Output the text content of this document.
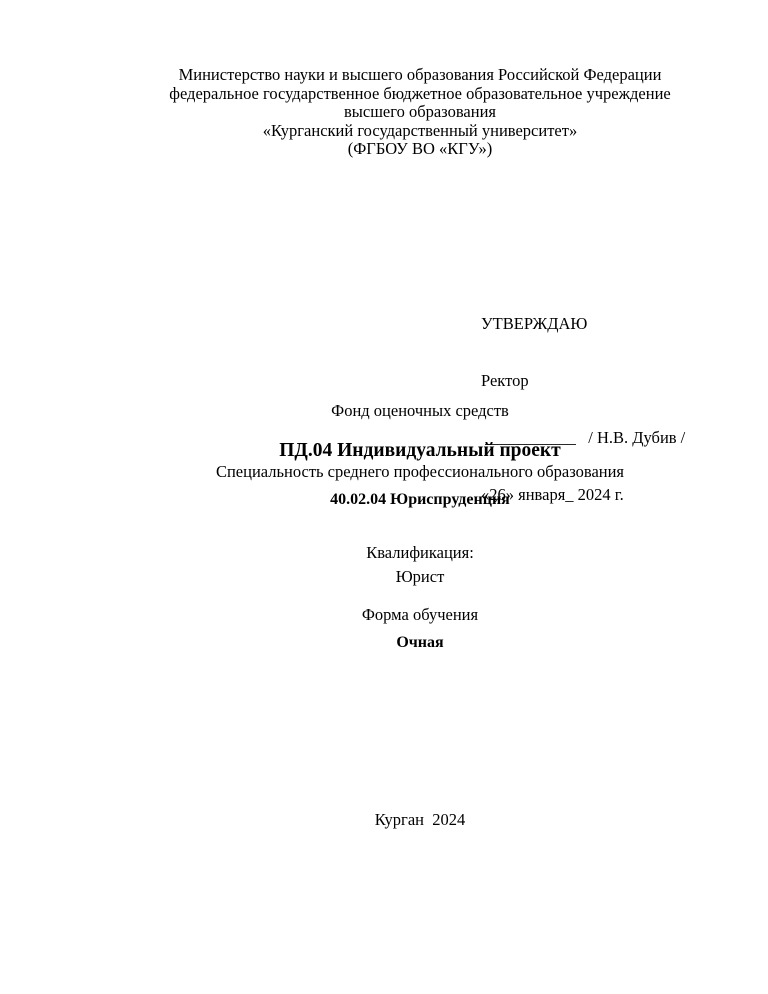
Министерство науки и высшего образования Российской Федерации
федеральное государственное бюджетное образовательное учреждение
высшего образования
«Курганский государственный университет»
(ФГБОУ ВО «КГУ»)

УТВЕРЖДАЮ

Ректор

___________   / Н.В. Дубив /

«26» января_ 2024 г.

Фонд оценочных средств
ПД.04 Индивидуальный проект
Специальность среднего профессионального образования
40.02.04 Юриспруденция
Квалификация:
Юрист
Форма обучения
Очная
Курган  2024
